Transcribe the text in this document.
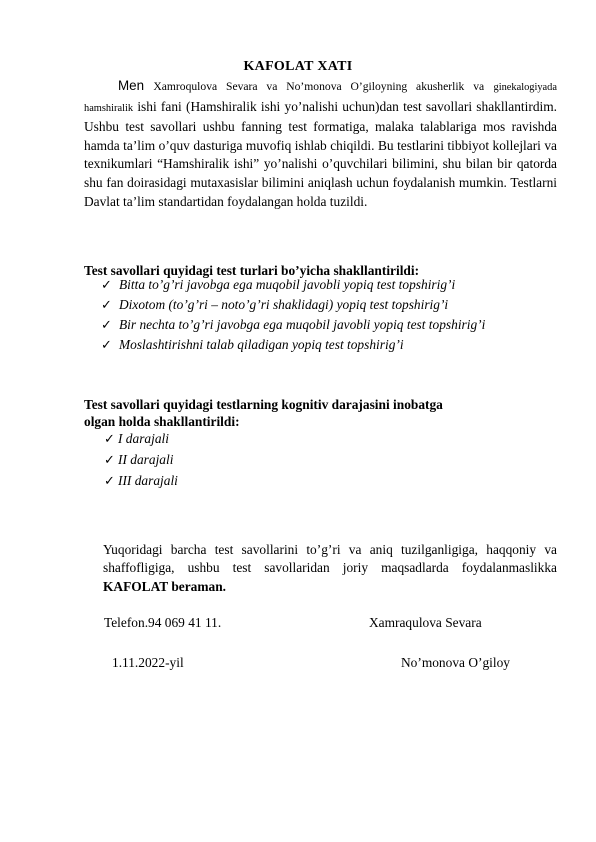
KAFOLAT XATI
Men Xamroqulova Sevara va No’monova O’giloyning akusherlik va ginekalogiyada hamshiralik ishi fani (Hamshiralik ishi yo’nalishi uchun)dan test savollari shakllantirdim. Ushbu test savollari ushbu fanning test formatiga, malaka talablariga mos ravishda hamda ta’lim o’quv dasturiga muvofiq ishlab chiqildi. Bu testlarini tibbiyot kollejlari va texnikumlari “Hamshiralik ishi” yo’nalishi o’quvchilari bilimini, shu bilan bir qatorda shu fan doirasidagi mutaxasislar bilimini aniqlash uchun foydalanish mumkin. Testlarni Davlat ta’lim standartidan foydalangan holda tuzildi.
Test savollari quyidagi test turlari bo’yicha shakllantirildi:
✓ Bitta to’g’ri javobga ega muqobil javobli yopiq test topshirig’i
✓ Dixotom (to’g’ri – noto’g’ri shaklidagi) yopiq test topshirig’i
✓ Bir nechta to’g’ri javobga ega muqobil javobli yopiq test topshirig’i
✓ Moslashtirishni talab qiladigan yopiq test topshirig’i
Test savollari quyidagi testlarning kognitiv darajasini inobatga
olgan holda shakllantirildi:
✓ I darajali
✓ II darajali
✓ III darajali
Yuqoridagi barcha test savollarini to’g’ri va aniq tuzilganligiga, haqqoniy va shaffofligiga, ushbu test savollaridan joriy maqsadlarda foydalanmaslikka KAFOLAT beraman.
Telefon.94 069 41 11.	Xamraqulova Sevara
1.11.2022-yil	No’monova O’giloy
